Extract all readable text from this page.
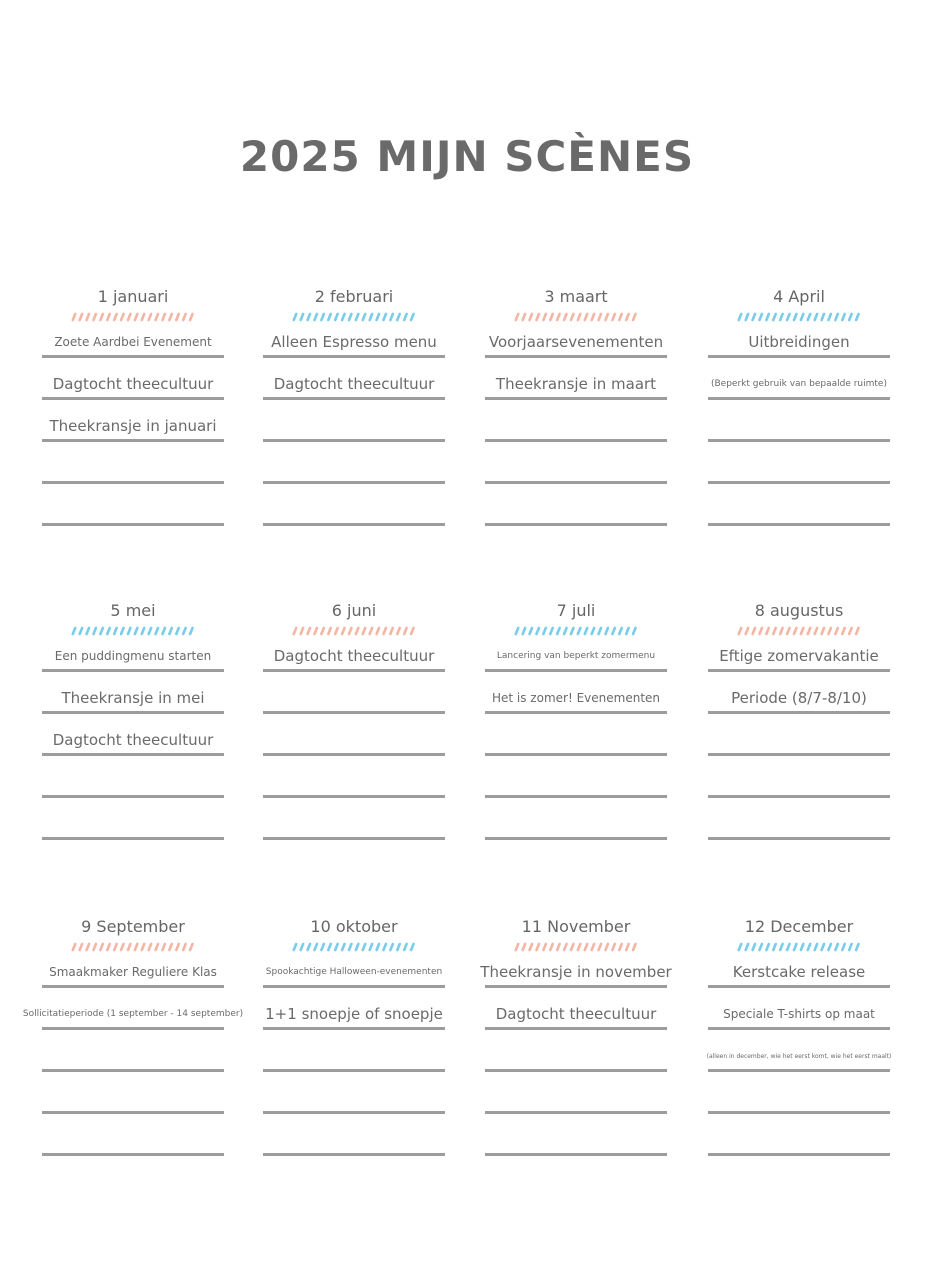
2025 MIJN SCÈNES
1 januari
Zoete Aardbei Evenement
Dagtocht theecultuur
Theekransje in januari
2 februari
Alleen Espresso menu
Dagtocht theecultuur
3 maart
Voorjaarsevenementen
Theekransje in maart
4 April
Uitbreidingen
(Beperkt gebruik van bepaalde ruimte)
5 mei
Een puddingmenu starten
Theekransje in mei
Dagtocht theecultuur
6 juni
Dagtocht theecultuur
7 juli
Lancering van beperkt zomermenu
Het is zomer! Evenementen
8 augustus
Eftige zomervakantie
Periode (8/7-8/10)
9 September
Smaakmaker Reguliere Klas
Sollicitatieperiode (1 september - 14 september)
10 oktober
Spookachtige Halloween-evenementen
1+1 snoepje of snoepje
11 November
Theekransje in november
Dagtocht theecultuur
12 December
Kerstcake release
Speciale T-shirts op maat
(alleen in december, wie het eerst komt, wie het eerst maalt)
